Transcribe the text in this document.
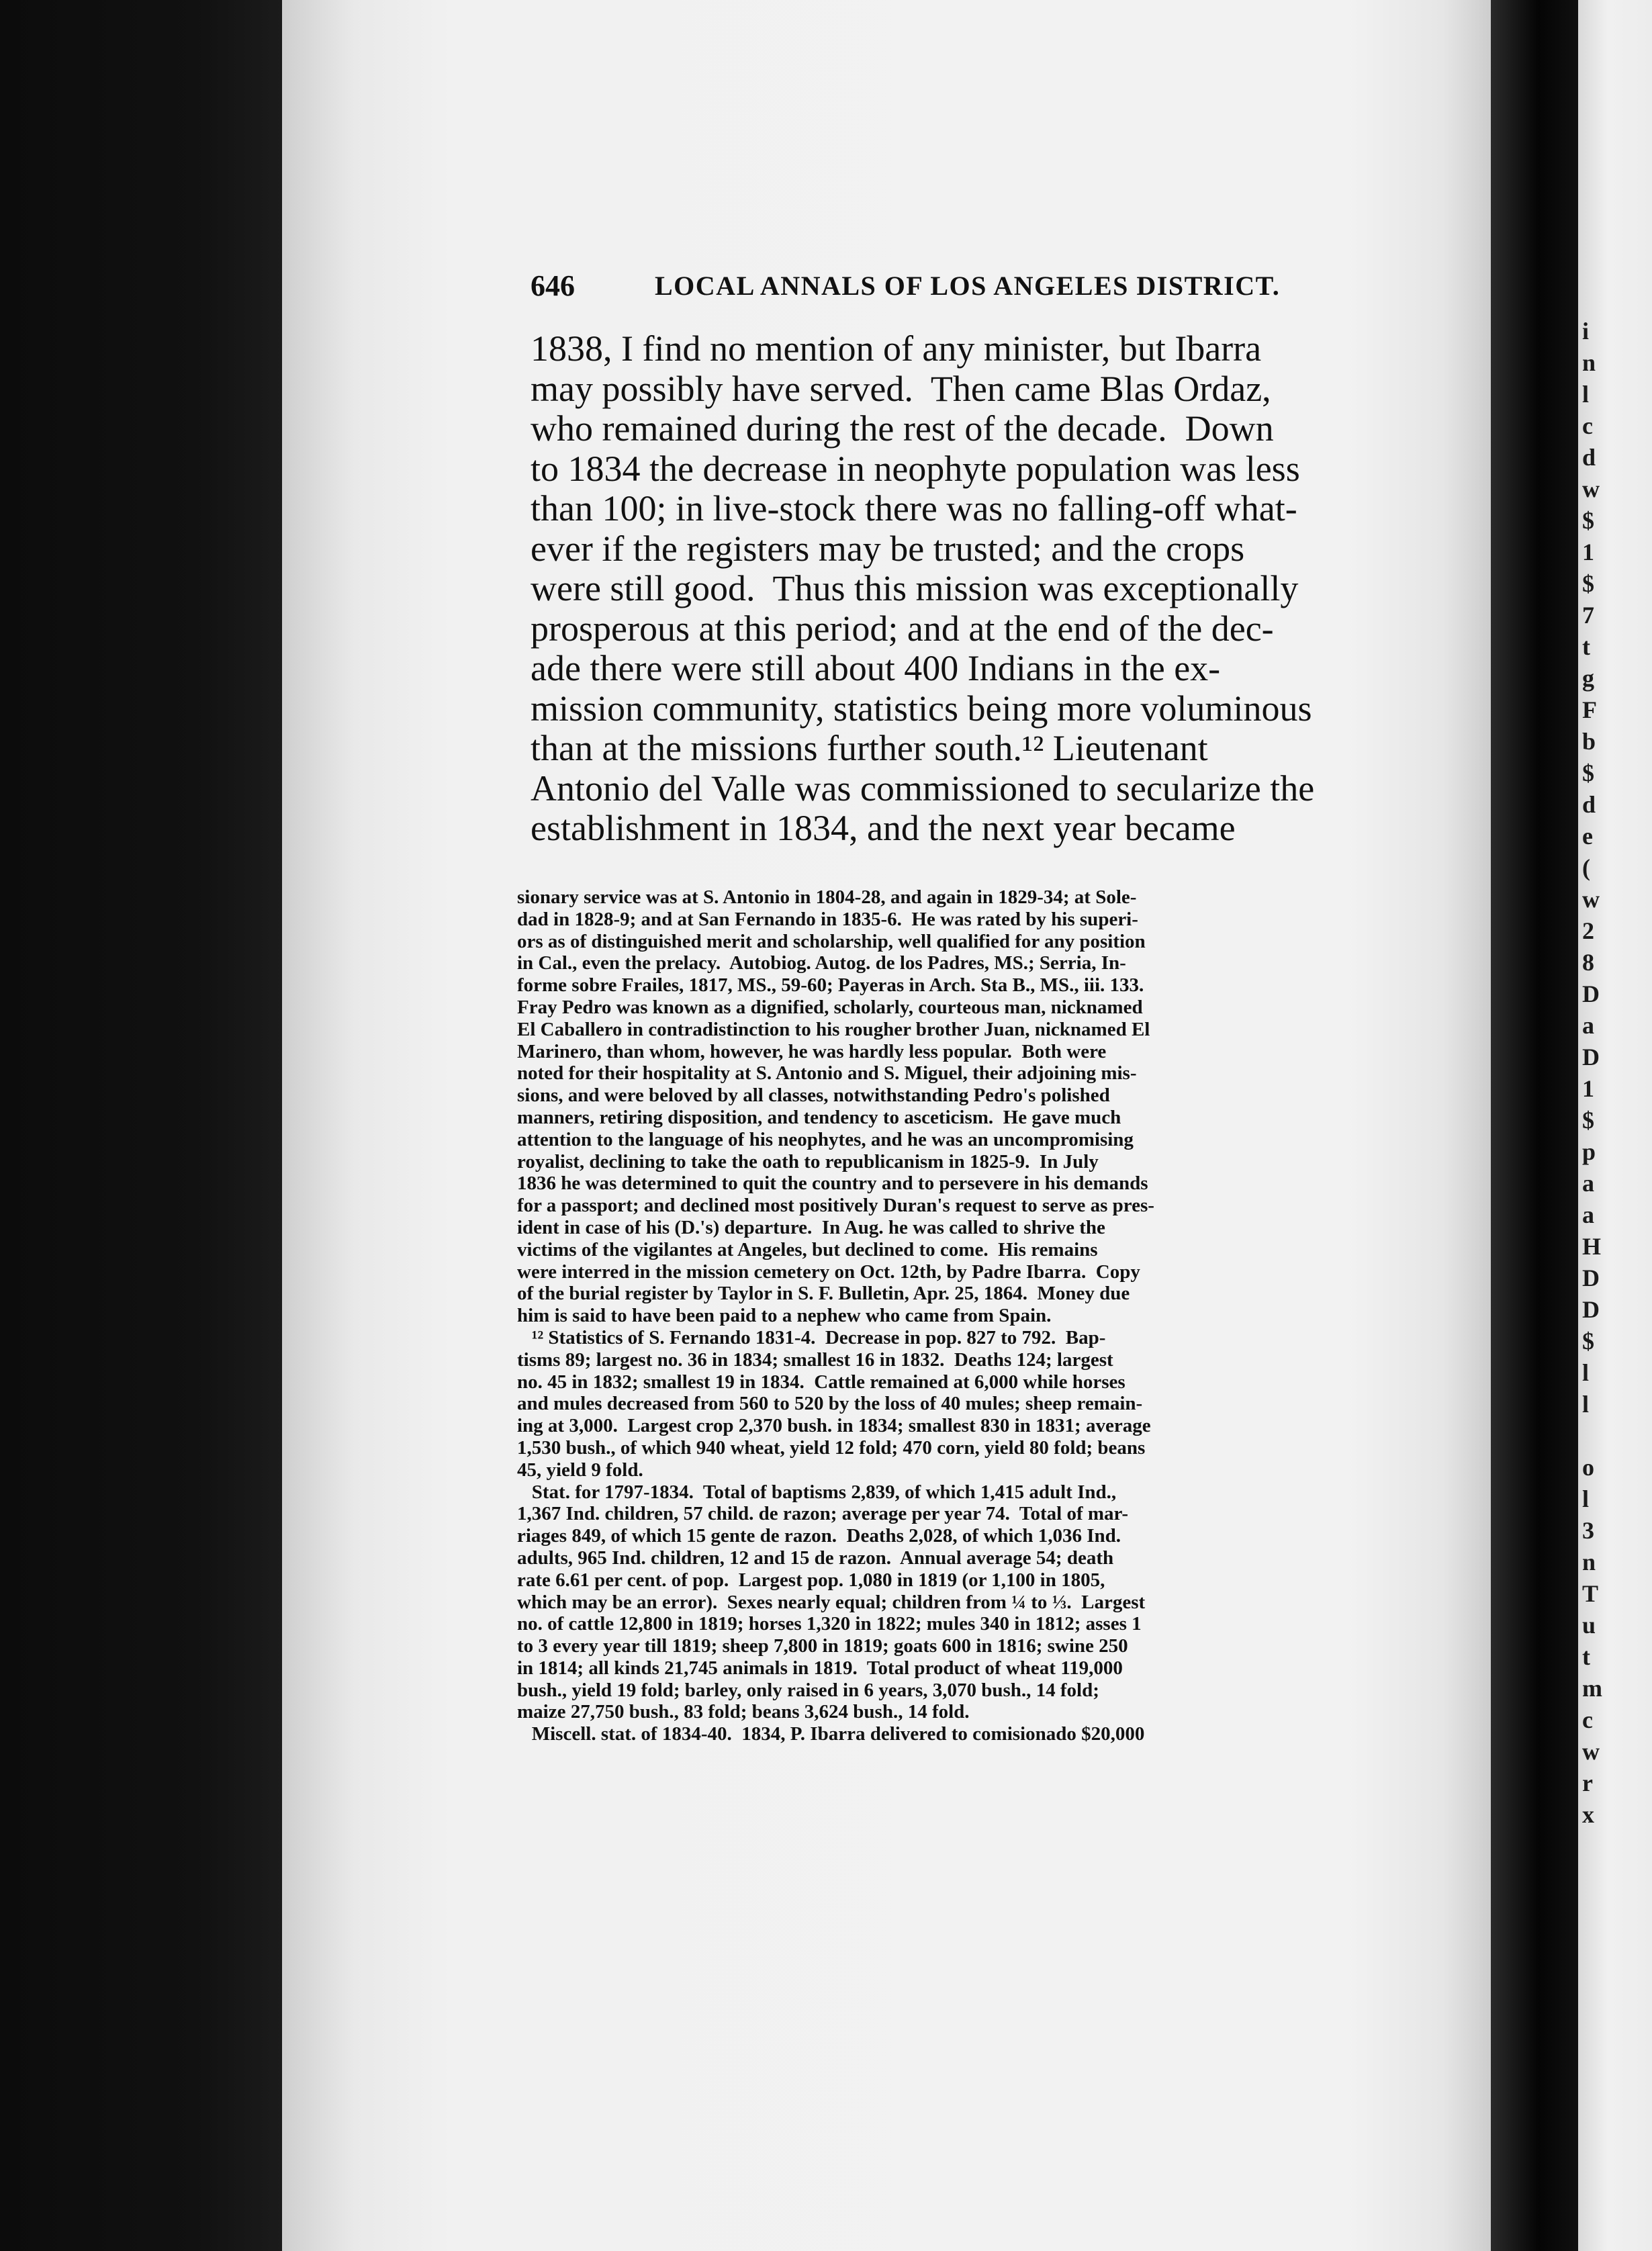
646	LOCAL ANNALS OF LOS ANGELES DISTRICT.
1838, I find no mention of any minister, but Ibarra
may possibly have served.  Then came Blas Ordaz,
who remained during the rest of the decade.  Down
to 1834 the decrease in neophyte population was less
than 100; in live-stock there was no falling-off what-
ever if the registers may be trusted; and the crops
were still good.  Thus this mission was exceptionally
prosperous at this period; and at the end of the dec-
ade there were still about 400 Indians in the ex-
mission community, statistics being more voluminous
than at the missions further south.¹² Lieutenant
Antonio del Valle was commissioned to secularize the
establishment in 1834, and the next year became
sionary service was at S. Antonio in 1804-28, and again in 1829-34; at Sole-
dad in 1828-9; and at San Fernando in 1835-6.  He was rated by his superi-
ors as of distinguished merit and scholarship, well qualified for any position
in Cal., even the prelacy.  Autobiog. Autog. de los Padres, MS.; Serria, In-
forme sobre Frailes, 1817, MS., 59-60; Payeras in Arch. Sta B., MS., iii. 133.
Fray Pedro was known as a dignified, scholarly, courteous man, nicknamed
El Caballero in contradistinction to his rougher brother Juan, nicknamed El
Marinero, than whom, however, he was hardly less popular.  Both were
noted for their hospitality at S. Antonio and S. Miguel, their adjoining mis-
sions, and were beloved by all classes, notwithstanding Pedro's polished
manners, retiring disposition, and tendency to asceticism.  He gave much
attention to the language of his neophytes, and he was an uncompromising
royalist, declining to take the oath to republicanism in 1825-9.  In July
1836 he was determined to quit the country and to persevere in his demands
for a passport; and declined most positively Duran's request to serve as pres-
ident in case of his (D.'s) departure.  In Aug. he was called to shrive the
victims of the vigilantes at Angeles, but declined to come.  His remains
were interred in the mission cemetery on Oct. 12th, by Padre Ibarra.  Copy
of the burial register by Taylor in S. F. Bulletin, Apr. 25, 1864.  Money due
him is said to have been paid to a nephew who came from Spain.
¹² Statistics of S. Fernando 1831-4.  Decrease in pop. 827 to 792.  Bap-
tisms 89; largest no. 36 in 1834; smallest 16 in 1832.  Deaths 124; largest
no. 45 in 1832; smallest 19 in 1834.  Cattle remained at 6,000 while horses
and mules decreased from 560 to 520 by the loss of 40 mules; sheep remain-
ing at 3,000.  Largest crop 2,370 bush. in 1834; smallest 830 in 1831; average
1,530 bush., of which 940 wheat, yield 12 fold; 470 corn, yield 80 fold; beans
45, yield 9 fold.
Stat. for 1797-1834.  Total of baptisms 2,839, of which 1,415 adult Ind.,
1,367 Ind. children, 57 child. de razon; average per year 74.  Total of mar-
riages 849, of which 15 gente de razon.  Deaths 2,028, of which 1,036 Ind.
adults, 965 Ind. children, 12 and 15 de razon.  Annual average 54; death
rate 6.61 per cent. of pop.  Largest pop. 1,080 in 1819 (or 1,100 in 1805,
which may be an error).  Sexes nearly equal; children from ¼ to ⅓.  Largest
no. of cattle 12,800 in 1819; horses 1,320 in 1822; mules 340 in 1812; asses 1
to 3 every year till 1819; sheep 7,800 in 1819; goats 600 in 1816; swine 250
in 1814; all kinds 21,745 animals in 1819.  Total product of wheat 119,000
bush., yield 19 fold; barley, only raised in 6 years, 3,070 bush., 14 fold;
maize 27,750 bush., 83 fold; beans 3,624 bush., 14 fold.
Miscell. stat. of 1834-40.  1834, P. Ibarra delivered to comisionado $20,000
i
n
l
c
d
w
$
1
$
7
t
g
F
b
$
d
e
(
w
2
8
D
a
D
1
$
p
a
a
H
D
D
$
l
l
o
l
3
n
T
u
t
m
c
w
r
x
